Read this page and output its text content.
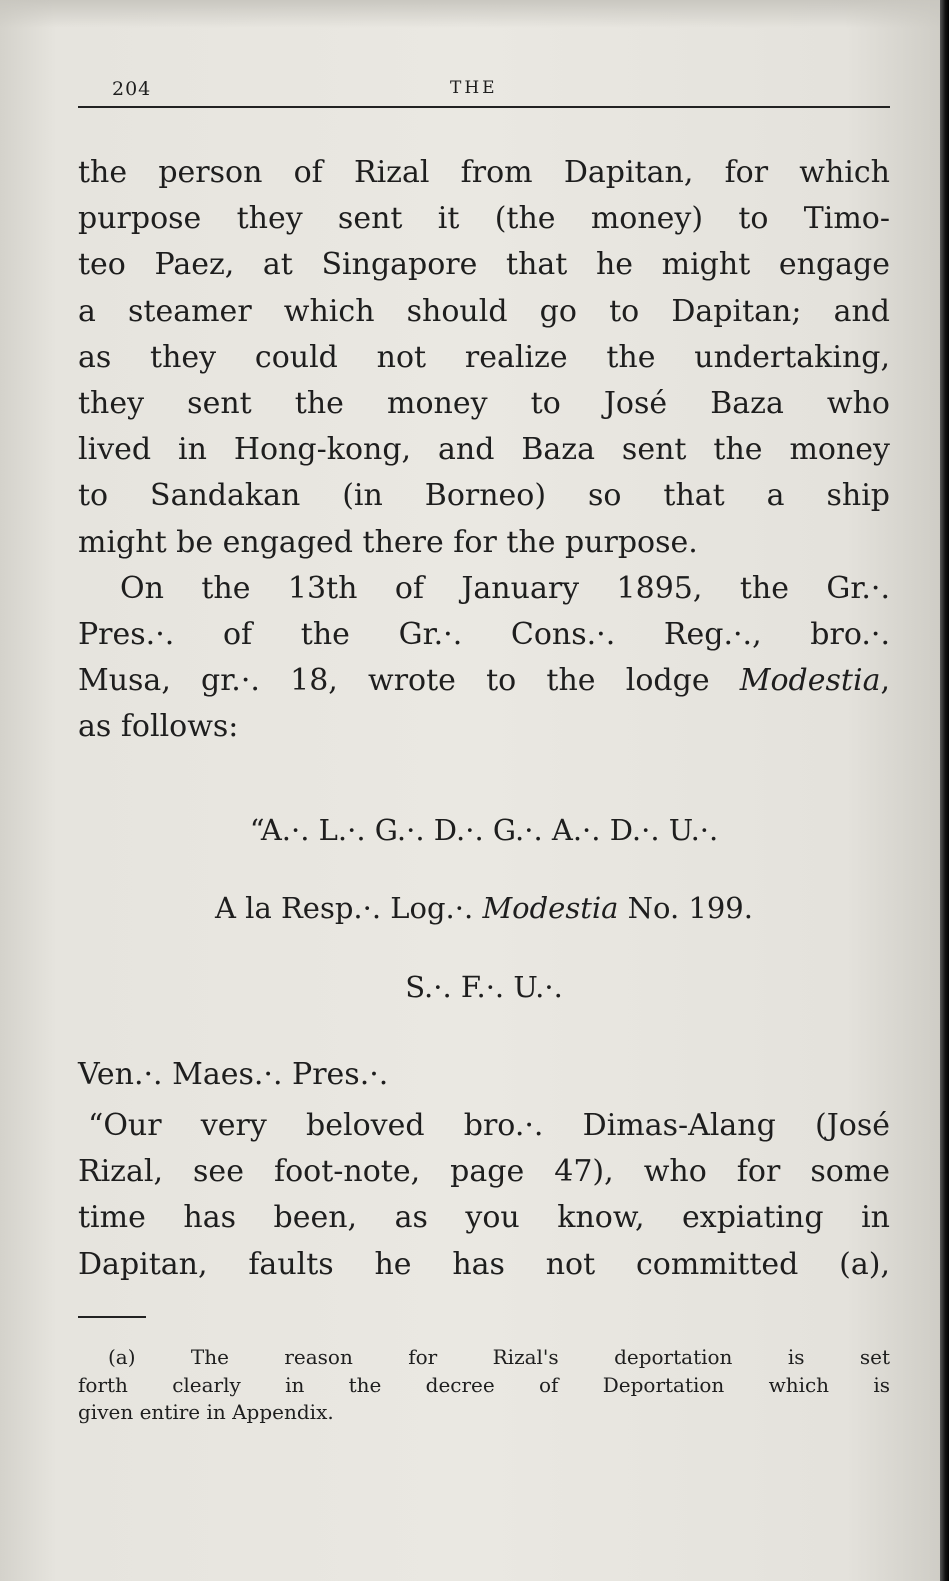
204	THE
the person of Rizal from Dapitan, for which
purpose they sent it (the money) to Timo-
teo Paez, at Singapore that he might engage
a steamer which should go to Dapitan; and
as they could not realize the undertaking,
they sent the money to José Baza who
lived in Hong-kong, and Baza sent the money
to Sandakan (in Borneo) so that a ship
might be engaged there for the purpose.
On the 13th of January 1895, the Gr.·.
Pres.·. of the Gr.·. Cons.·. Reg.·., bro.·.
Musa, gr.·. 18, wrote to the lodge Modestia,
as follows:
“A.·. L.·. G.·. D.·. G.·. A.·. D.·. U.·.
A la Resp.·. Log.·. Modestia No. 199.
S.·. F.·. U.·.
Ven.·. Maes.·. Pres.·.
“Our very beloved bro.·. Dimas-Alang (José
Rizal, see foot-note, page 47), who for some
time has been, as you know, expiating in
Dapitan, faults he has not committed (a),
(a) The reason for Rizal's deportation is set
forth clearly in the decree of Deportation which is
given entire in Appendix.
